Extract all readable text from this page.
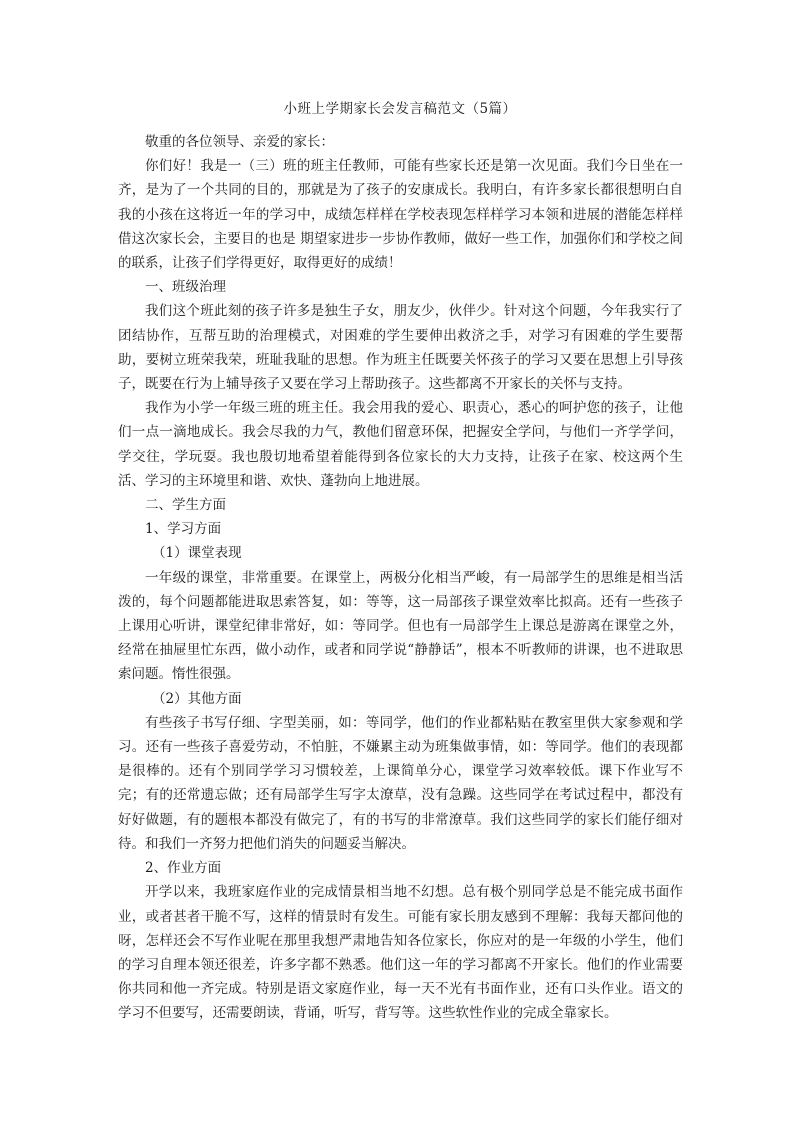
小班上学期家长会发言稿范文（5篇）

敬重的各位领导、亲爱的家长：

你们好！我是一（三）班的班主任教师，可能有些家长还是第一次见面。我们今日坐在一齐，是为了一个共同的目的，那就是为了孩子的安康成长。我明白，有许多家长都很想明白自我的小孩在这将近一年的学习中，成绩怎样样在学校表现怎样样学习本领和进展的潜能怎样样借这次家长会，主要目的也是 期望家进步一步协作教师，做好一些工作，加强你们和学校之间的联系，让孩子们学得更好，取得更好的成绩！

一、班级治理

我们这个班此刻的孩子许多是独生子女，朋友少，伙伴少。针对这个问题，今年我实行了团结协作，互帮互助的治理模式，对困难的学生要伸出救济之手，对学习有困难的学生要帮助，要树立班荣我荣，班耻我耻的思想。作为班主任既要关怀孩子的学习又要在思想上引导孩子，既要在行为上辅导孩子又要在学习上帮助孩子。这些都离不开家长的关怀与支持。

我作为小学一年级三班的班主任。我会用我的爱心、职责心，悉心的呵护您的孩子，让他们一点一滴地成长。我会尽我的力气，教他们留意环保，把握安全学问，与他们一齐学学问，学交往，学玩耍。我也殷切地希望着能得到各位家长的大力支持，让孩子在家、校这两个生活、学习的主环境里和谐、欢快、蓬勃向上地进展。

二、学生方面

1、学习方面

（1）课堂表现

一年级的课堂，非常重要。在课堂上，两极分化相当严峻，有一局部学生的思维是相当活泼的，每个问题都能进取思索答复，如：等等，这一局部孩子课堂效率比拟高。还有一些孩子上课用心听讲，课堂纪律非常好，如：等同学。但也有一局部学生上课总是游离在课堂之外，经常在抽屉里忙东西，做小动作，或者和同学说“静静话”，根本不听教师的讲课，也不进取思索问题。惰性很强。

（2）其他方面

有些孩子书写仔细、字型美丽，如：等同学，他们的作业都粘贴在教室里供大家参观和学习。还有一些孩子喜爱劳动，不怕脏，不嫌累主动为班集做事情，如：等同学。他们的表现都是很棒的。还有个别同学学习习惯较差，上课简单分心，课堂学习效率较低。课下作业写不完；有的还常遗忘做；还有局部学生写字太潦草，没有急躁。这些同学在考试过程中，都没有好好做题，有的题根本都没有做完了，有的书写的非常潦草。我们这些同学的家长们能仔细对待。和我们一齐努力把他们消失的问题妥当解决。

2、作业方面

开学以来，我班家庭作业的完成情景相当地不幻想。总有极个别同学总是不能完成书面作业，或者甚者干脆不写，这样的情景时有发生。可能有家长朋友感到不理解：我每天都问他的呀，怎样还会不写作业呢在那里我想严肃地告知各位家长，你应对的是一年级的小学生，他们的学习自理本领还很差，许多字都不熟悉。他们这一年的学习都离不开家长。他们的作业需要你共同和他一齐完成。特别是语文家庭作业，每一天不光有书面作业，还有口头作业。语文的学习不但要写，还需要朗读，背诵，听写，背写等。这些软性作业的完成全靠家长。
